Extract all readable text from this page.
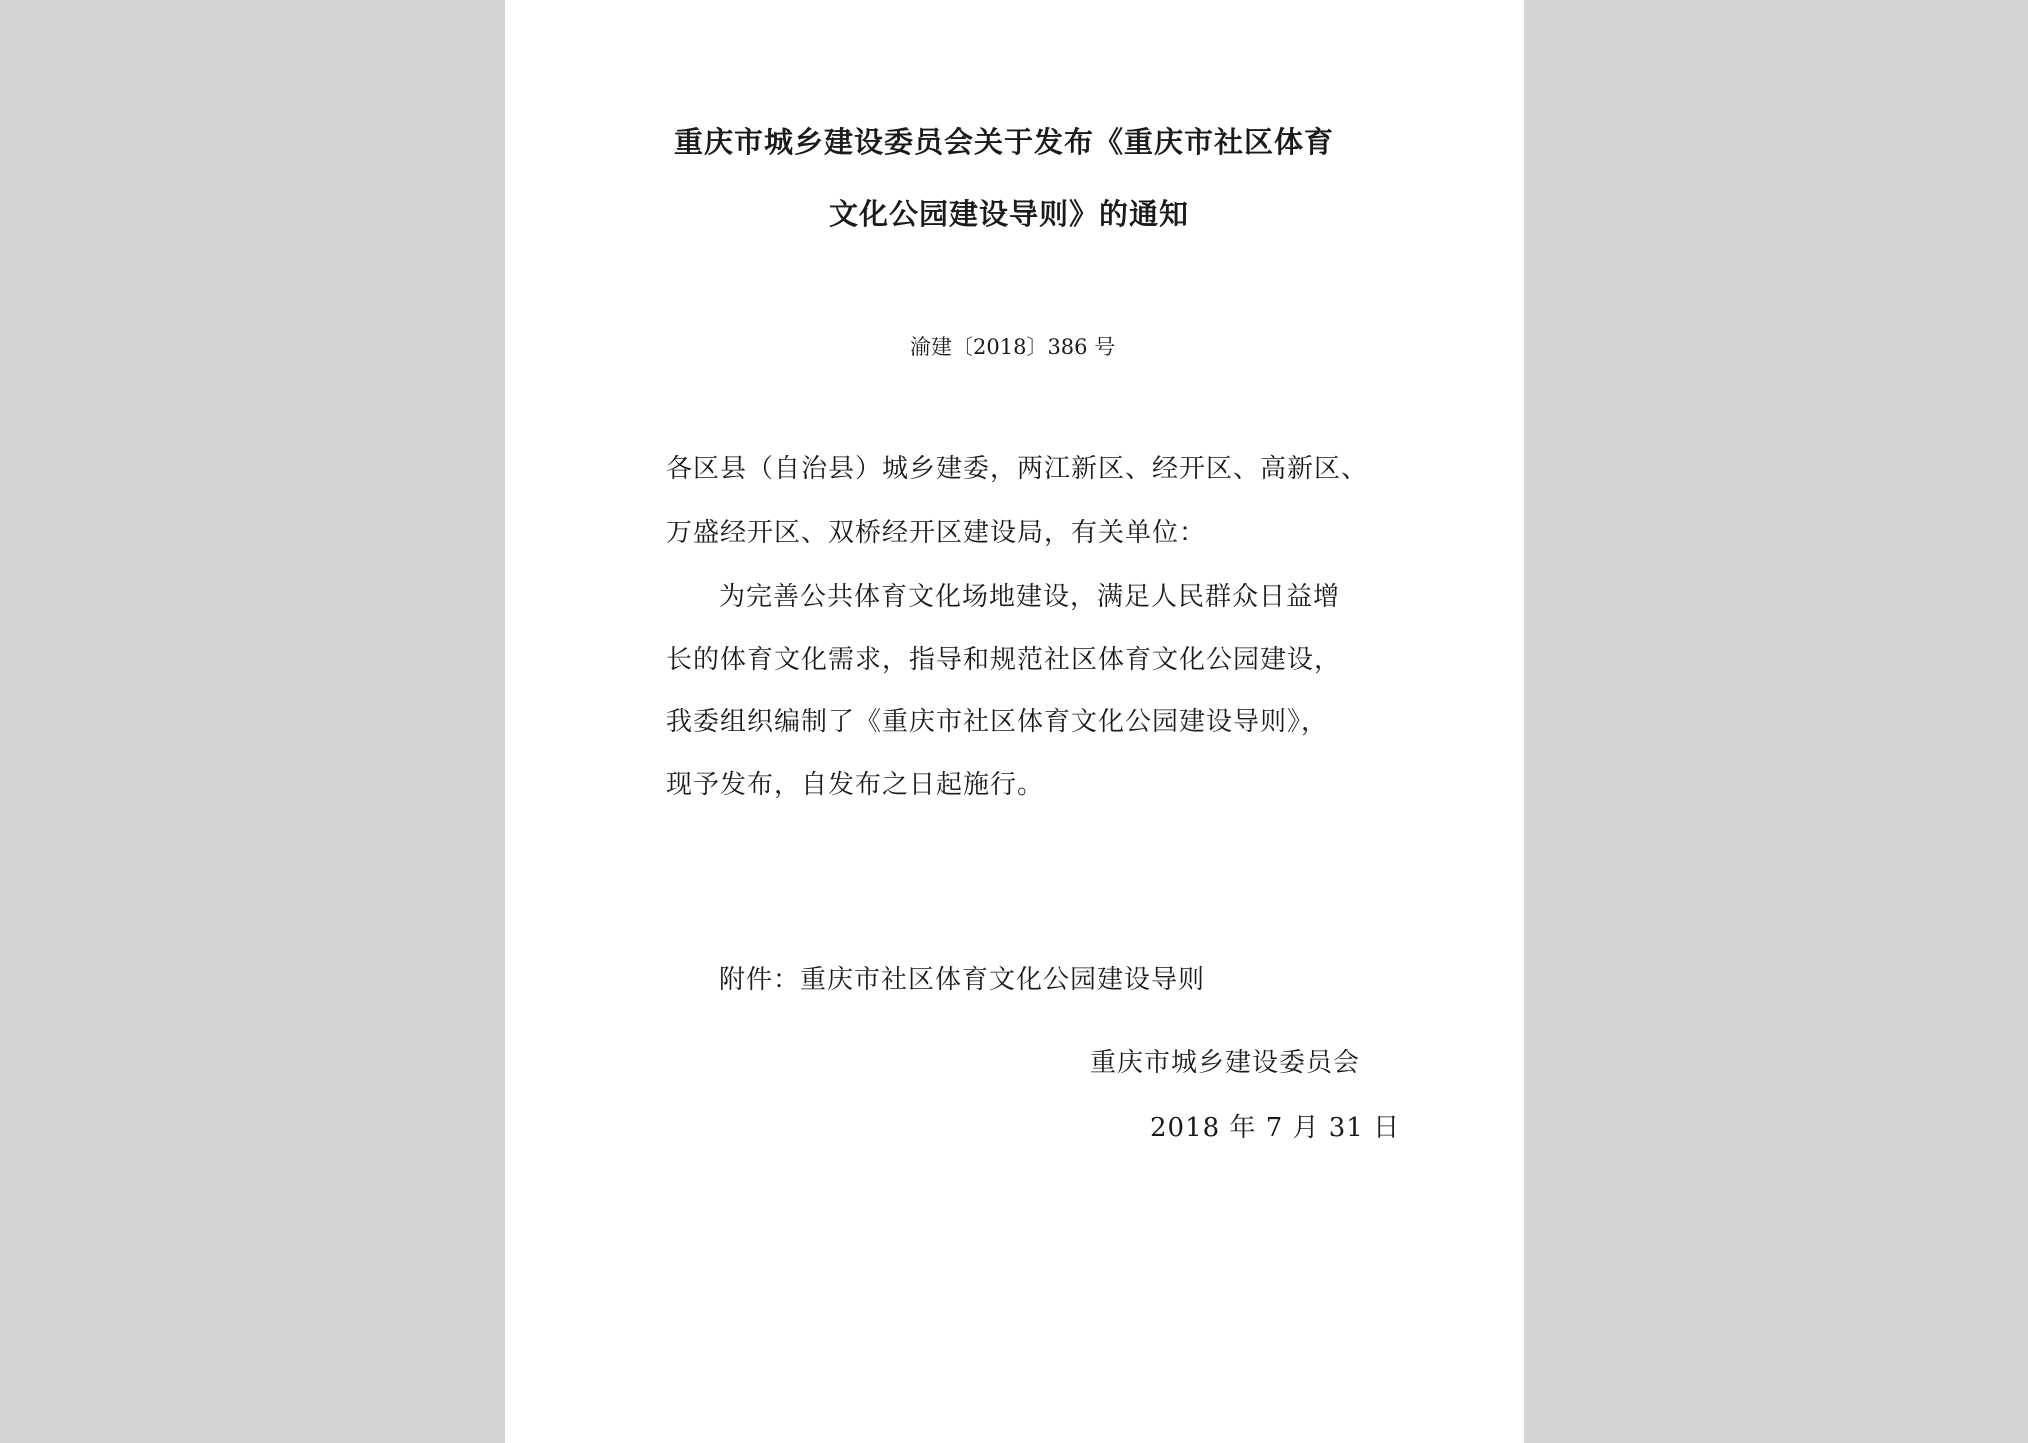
重庆市城乡建设委员会关于发布《重庆市社区体育
文化公园建设导则》的通知
渝建〔2018〕386 号
各区县（自治县）城乡建委，两江新区、经开区、高新区、
万盛经开区、双桥经开区建设局，有关单位：
为完善公共体育文化场地建设，满足人民群众日益增
长的体育文化需求，指导和规范社区体育文化公园建设，
我委组织编制了《重庆市社区体育文化公园建设导则》，
现予发布，自发布之日起施行。
附件：重庆市社区体育文化公园建设导则
重庆市城乡建设委员会
2018 年 7 月 31 日
